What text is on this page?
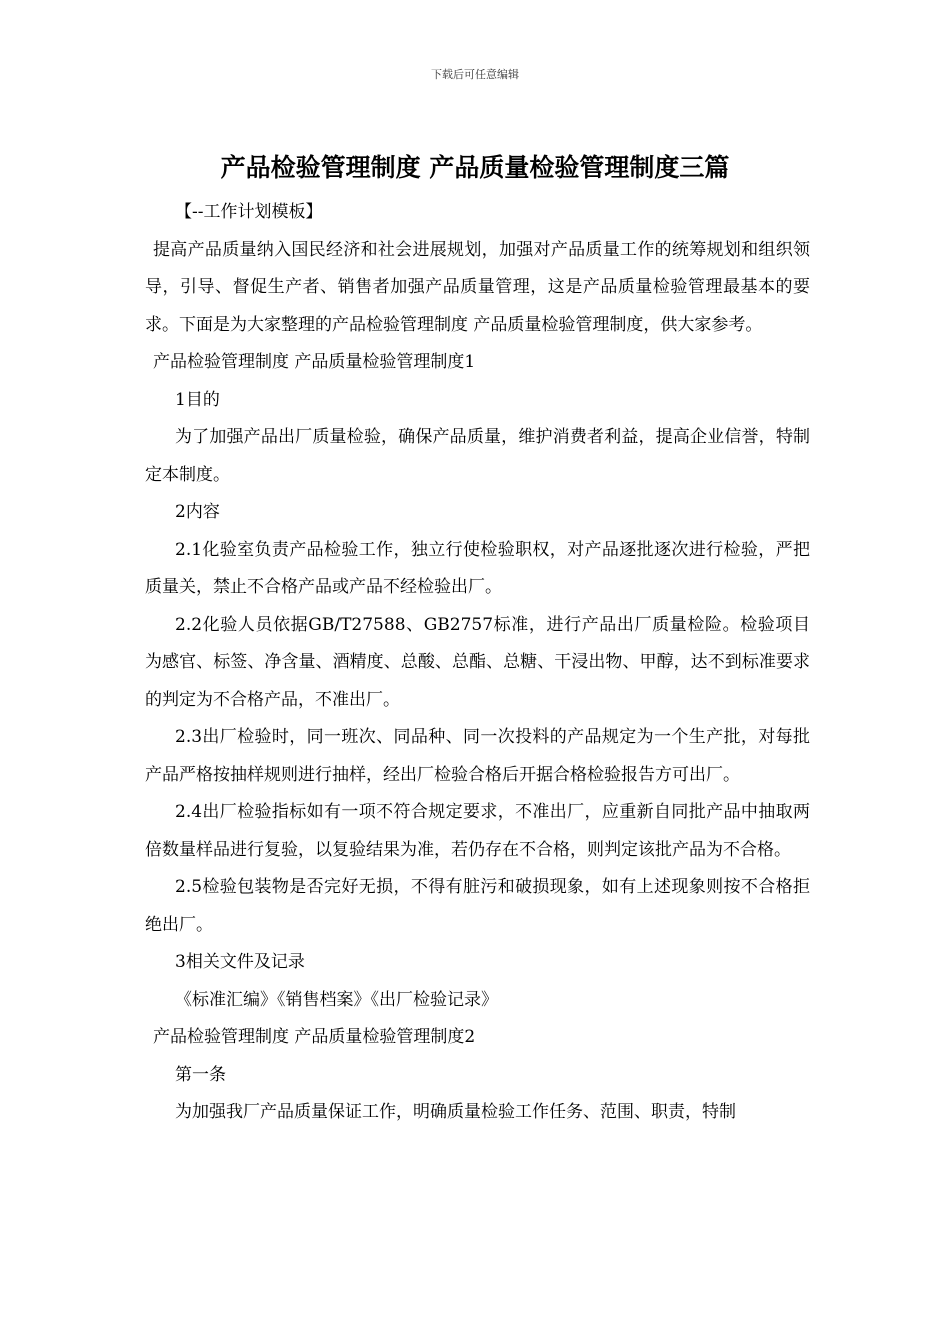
下载后可任意编辑
产品检验管理制度 产品质量检验管理制度三篇

【--工作计划模板】

提高产品质量纳入国民经济和社会进展规划，加强对产品质量工作的统筹规划和组织领导，引导、督促生产者、销售者加强产品质量管理，这是产品质量检验管理最基本的要求。下面是为大家整理的产品检验管理制度 产品质量检验管理制度，供大家参考。

产品检验管理制度 产品质量检验管理制度1

1目的

为了加强产品出厂质量检验，确保产品质量，维护消费者利益，提高企业信誉，特制定本制度。

2内容

2.1化验室负责产品检验工作，独立行使检验职权，对产品逐批逐次进行检验，严把质量关，禁止不合格产品或产品不经检验出厂。

2.2化验人员依据GB/T27588、GB2757标准，进行产品出厂质量检险。检验项目为感官、标签、净含量、酒精度、总酸、总酯、总糖、干浸出物、甲醇，达不到标准要求的判定为不合格产品，不准出厂。

2.3出厂检验时，同一班次、同品种、同一次投料的产品规定为一个生产批，对每批产品严格按抽样规则进行抽样，经出厂检验合格后开据合格检验报告方可出厂。

2.4出厂检验指标如有一项不符合规定要求，不准出厂，应重新自同批产品中抽取两倍数量样品进行复验，以复验结果为准，若仍存在不合格，则判定该批产品为不合格。

2.5检验包装物是否完好无损，不得有脏污和破损现象，如有上述现象则按不合格拒绝出厂。

3相关文件及记录

《标准汇编》《销售档案》《出厂检验记录》

产品检验管理制度 产品质量检验管理制度2

第一条

为加强我厂产品质量保证工作，明确质量检验工作任务、范围、职责，特制
